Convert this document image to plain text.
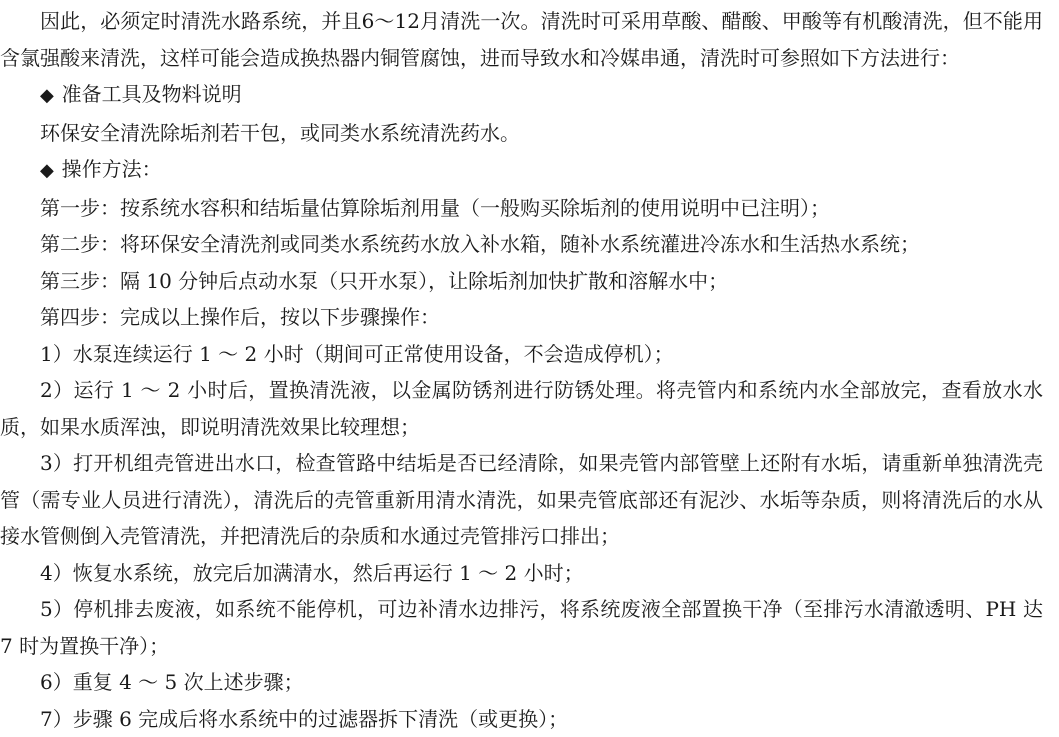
因此，必须定时清洗水路系统，并且6～12月清洗一次。清洗时可采用草酸、醋酸、甲酸等有机酸清洗，但不能用含氯强酸来清洗，这样可能会造成换热器内铜管腐蚀，进而导致水和冷媒串通，清洗时可参照如下方法进行：

◆ 准备工具及物料说明

环保安全清洗除垢剂若干包，或同类水系统清洗药水。

◆ 操作方法：

第一步：按系统水容积和结垢量估算除垢剂用量（一般购买除垢剂的使用说明中已注明）；

第二步：将环保安全清洗剂或同类水系统药水放入补水箱，随补水系统灌进冷冻水和生活热水系统；

第三步：隔 10 分钟后点动水泵（只开水泵），让除垢剂加快扩散和溶解水中；

第四步：完成以上操作后，按以下步骤操作：

1）水泵连续运行 1 ～ 2 小时（期间可正常使用设备，不会造成停机）；

2）运行 1 ～ 2 小时后，置换清洗液，以金属防锈剂进行防锈处理。将壳管内和系统内水全部放完，查看放水水质，如果水质浑浊，即说明清洗效果比较理想；

3）打开机组壳管进出水口，检查管路中结垢是否已经清除，如果壳管内部管壁上还附有水垢，请重新单独清洗壳管（需专业人员进行清洗），清洗后的壳管重新用清水清洗，如果壳管底部还有泥沙、水垢等杂质，则将清洗后的水从接水管侧倒入壳管清洗，并把清洗后的杂质和水通过壳管排污口排出；

4）恢复水系统，放完后加满清水，然后再运行 1 ～ 2 小时；

5）停机排去废液，如系统不能停机，可边补清水边排污，将系统废液全部置换干净（至排污水清澈透明、PH 达 7 时为置换干净）；

6）重复 4 ～ 5 次上述步骤；

7）步骤 6 完成后将水系统中的过滤器拆下清洗（或更换）；
